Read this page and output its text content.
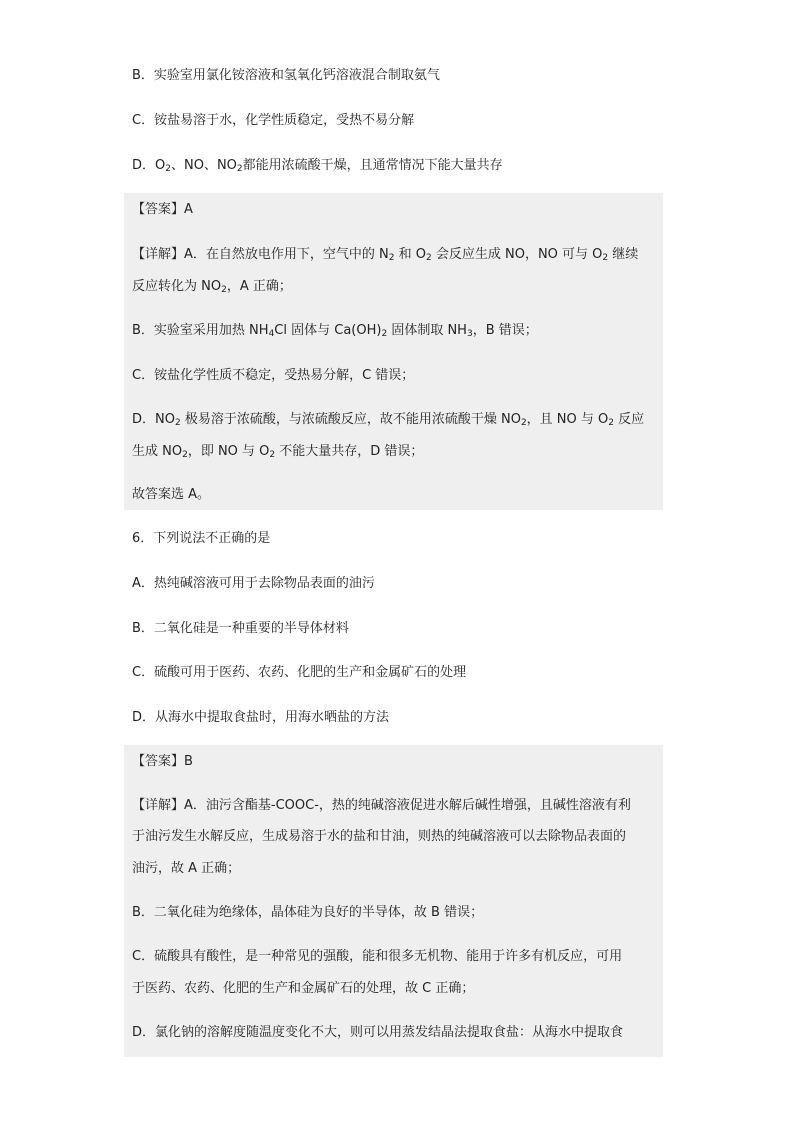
B．实验室用氯化铵溶液和氢氧化钙溶液混合制取氨气
C．铵盐易溶于水，化学性质稳定，受热不易分解
D．$O_2$、NO、$NO_2$都能用浓硫酸干燥，且通常情况下能大量共存
【答案】A
【详解】A．在自然放电作用下，空气中的 $N_2$ 和 $O_2$ 会反应生成 NO，NO 可与 $O_2$ 继续
反应转化为 $NO_2$，A 正确；
B．实验室采用加热 $NH_4Cl$ 固体与 $Ca(OH)_2$ 固体制取 $NH_3$，B 错误；
C．铵盐化学性质不稳定，受热易分解，C 错误；
D．$NO_2$ 极易溶于浓硫酸，与浓硫酸反应，故不能用浓硫酸干燥 $NO_2$，且 NO 与 $O_2$ 反应
生成 $NO_2$，即 NO 与 $O_2$ 不能大量共存，D 错误；
故答案选 A。
6．下列说法不正确的是
A．热纯碱溶液可用于去除物品表面的油污
B．二氧化硅是一种重要的半导体材料
C．硫酸可用于医药、农药、化肥的生产和金属矿石的处理
D．从海水中提取食盐时，用海水晒盐的方法
【答案】B
【详解】A．油污含酯基-COOC-，热的纯碱溶液促进水解后碱性增强，且碱性溶液有利
于油污发生水解反应，生成易溶于水的盐和甘油，则热的纯碱溶液可以去除物品表面的
油污，故 A 正确；
B．二氧化硅为绝缘体，晶体硅为良好的半导体，故 B 错误；
C．硫酸具有酸性，是一种常见的强酸，能和很多无机物、能用于许多有机反应，可用
于医药、农药、化肥的生产和金属矿石的处理，故 C 正确；
D．氯化钠的溶解度随温度变化不大，则可以用蒸发结晶法提取食盐：从海水中提取食
